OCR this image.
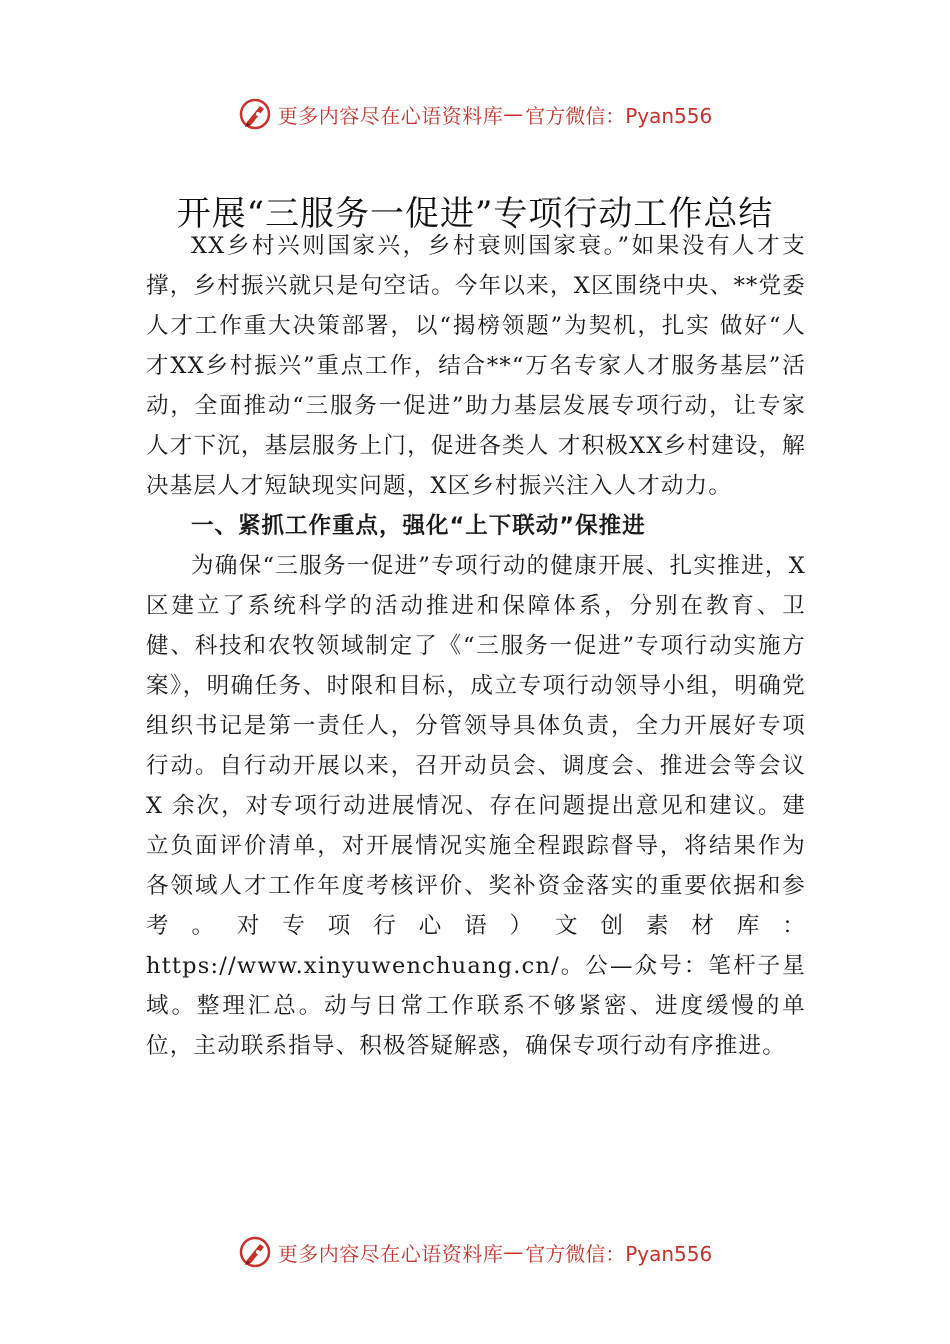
更多内容尽在心语资料库 — 官方微信：Pyan556
开展“三服务一促进”专项行动工作总结

XX乡村兴则国家兴，乡村衰则国家衰。”如果没有人才支撑，乡村振兴就只是句空话。今年以来，X区围绕中央、**党委人才工作重大决策部署，以“揭榜领题”为契机，扎实 做好“人才XX乡村振兴”重点工作，结合**“万名专家人才服务基层”活动，全面推动“三服务一促进”助力基层发展专项行动，让专家人才下沉，基层服务上门，促进各类人 才积极XX乡村建设，解决基层人才短缺现实问题，X区乡村振兴注入人才动力。

一、紧抓工作重点，强化“上下联动”保推进

为确保“三服务一促进”专项行动的健康开展、扎实推进，X区建立了系统科学的活动推进和保障体系，分别在教育、卫健、科技和农牧领域制定了《“三服务一促进”专项行动实施方案》，明确任务、时限和目标，成立专项行动领导小组，明确党组织书记是第一责任人，分管领导具体负责，全力开展好专项行动。自行动开展以来，召开动员会、调度会、推进会等会议 X 余次，对专项行动进展情况、存在问题提出意见和建议。建立负面评价清单，对开展情况实施全程跟踪督导，将结果作为各领域人才工作年度考核评价、奖补资金落实的重要依据和参考。对专项行心语）文创素材库：https://www.xinyuwenchuang.cn/。公—众号：笔杆子星域。整理汇总。动与日常工作联系不够紧密、进度缓慢的单位，主动联系指导、积极答疑解惑，确保专项行动有序推进。

更多内容尽在心语资料库 — 官方微信：Pyan556
